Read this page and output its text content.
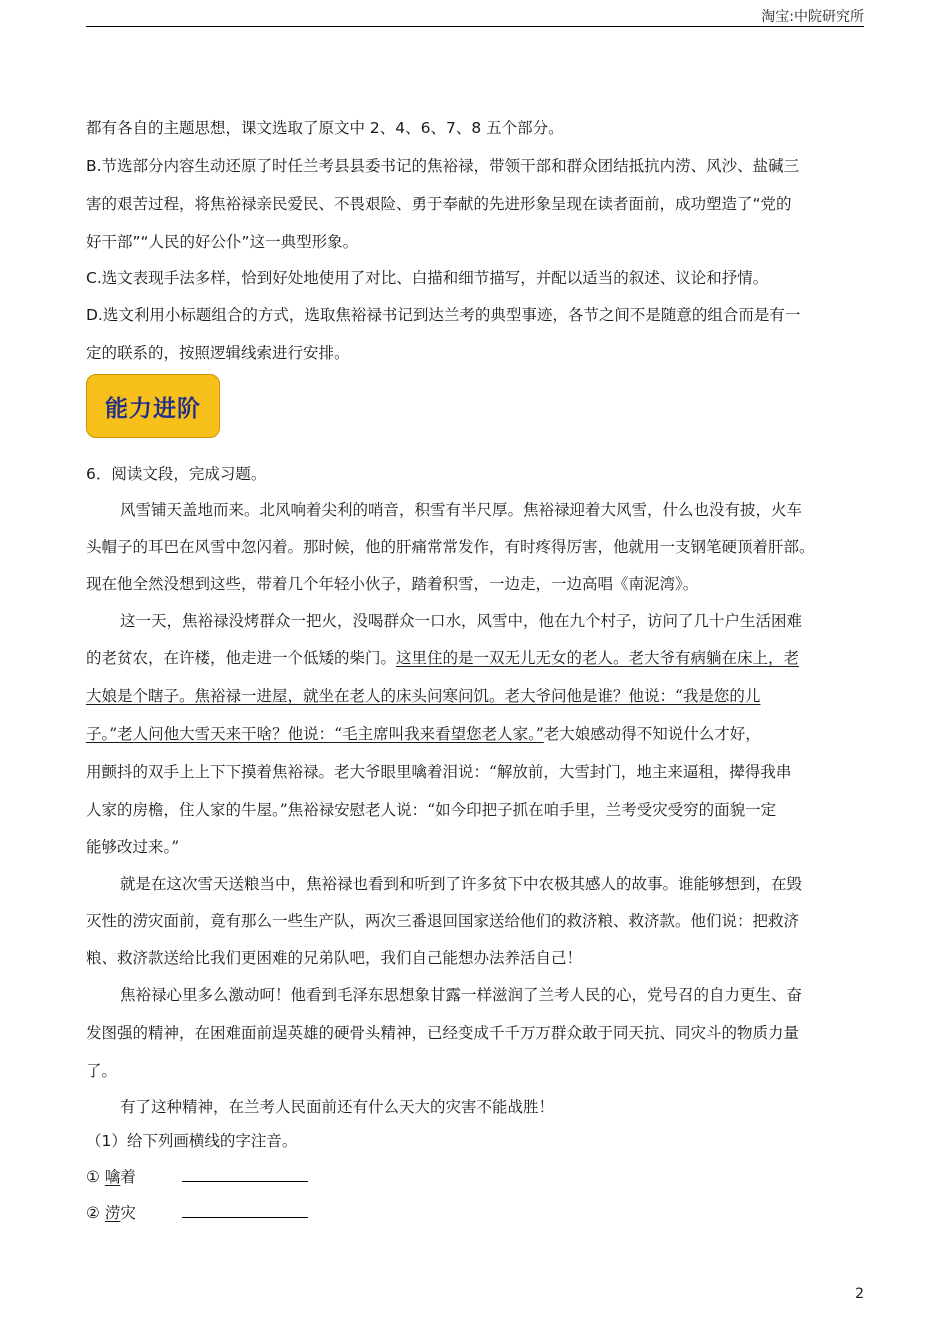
淘宝:中院研究所
都有各自的主题思想，课文选取了原文中 2、4、6、7、8 五个部分。
B.节选部分内容生动还原了时任兰考县县委书记的焦裕禄，带领干部和群众团结抵抗内涝、风沙、盐碱三
害的艰苦过程，将焦裕禄亲民爱民、不畏艰险、勇于奉献的先进形象呈现在读者面前，成功塑造了“党的
好干部”“人民的好公仆”这一典型形象。
C.选文表现手法多样，恰到好处地使用了对比、白描和细节描写，并配以适当的叙述、议论和抒情。
D.选文利用小标题组合的方式，选取焦裕禄书记到达兰考的典型事迹，各节之间不是随意的组合而是有一
定的联系的，按照逻辑线索进行安排。
能力进阶
6．阅读文段，完成习题。
风雪铺天盖地而来。北风响着尖利的哨音，积雪有半尺厚。焦裕禄迎着大风雪，什么也没有披，火车
头帽子的耳巴在风雪中忽闪着。那时候，他的肝痛常常发作，有时疼得厉害，他就用一支钢笔硬顶着肝部。
现在他全然没想到这些，带着几个年轻小伙子，踏着积雪，一边走，一边高唱《南泥湾》。
这一天，焦裕禄没烤群众一把火，没喝群众一口水，风雪中，他在九个村子，访问了几十户生活困难
的老贫农，在许楼，他走进一个低矮的柴门。这里住的是一双无儿无女的老人。老大爷有病躺在床上，老
大娘是个瞎子。焦裕禄一进屋，就坐在老人的床头问寒问饥。老大爷问他是谁？他说：“我是您的儿
子。”老人问他大雪天来干啥？他说：“毛主席叫我来看望您老人家。”老大娘感动得不知说什么才好，
用颤抖的双手上上下下摸着焦裕禄。老大爷眼里噙着泪说：“解放前，大雪封门，地主来逼租，撵得我串
人家的房檐，住人家的牛屋。”焦裕禄安慰老人说：“如今印把子抓在咱手里，兰考受灾受穷的面貌一定
能够改过来。”
就是在这次雪天送粮当中，焦裕禄也看到和听到了许多贫下中农极其感人的故事。谁能够想到，在毁
灭性的涝灾面前，竟有那么一些生产队，两次三番退回国家送给他们的救济粮、救济款。他们说：把救济
粮、救济款送给比我们更困难的兄弟队吧，我们自己能想办法养活自己！
焦裕禄心里多么激动呵！他看到毛泽东思想象甘露一样滋润了兰考人民的心，党号召的自力更生、奋
发图强的精神，在困难面前逞英雄的硬骨头精神，已经变成千千万万群众敢于同天抗、同灾斗的物质力量
了。
有了这种精神，在兰考人民面前还有什么天大的灾害不能战胜！
（1）给下列画横线的字注音。
① 噙着
② 涝灾
2
